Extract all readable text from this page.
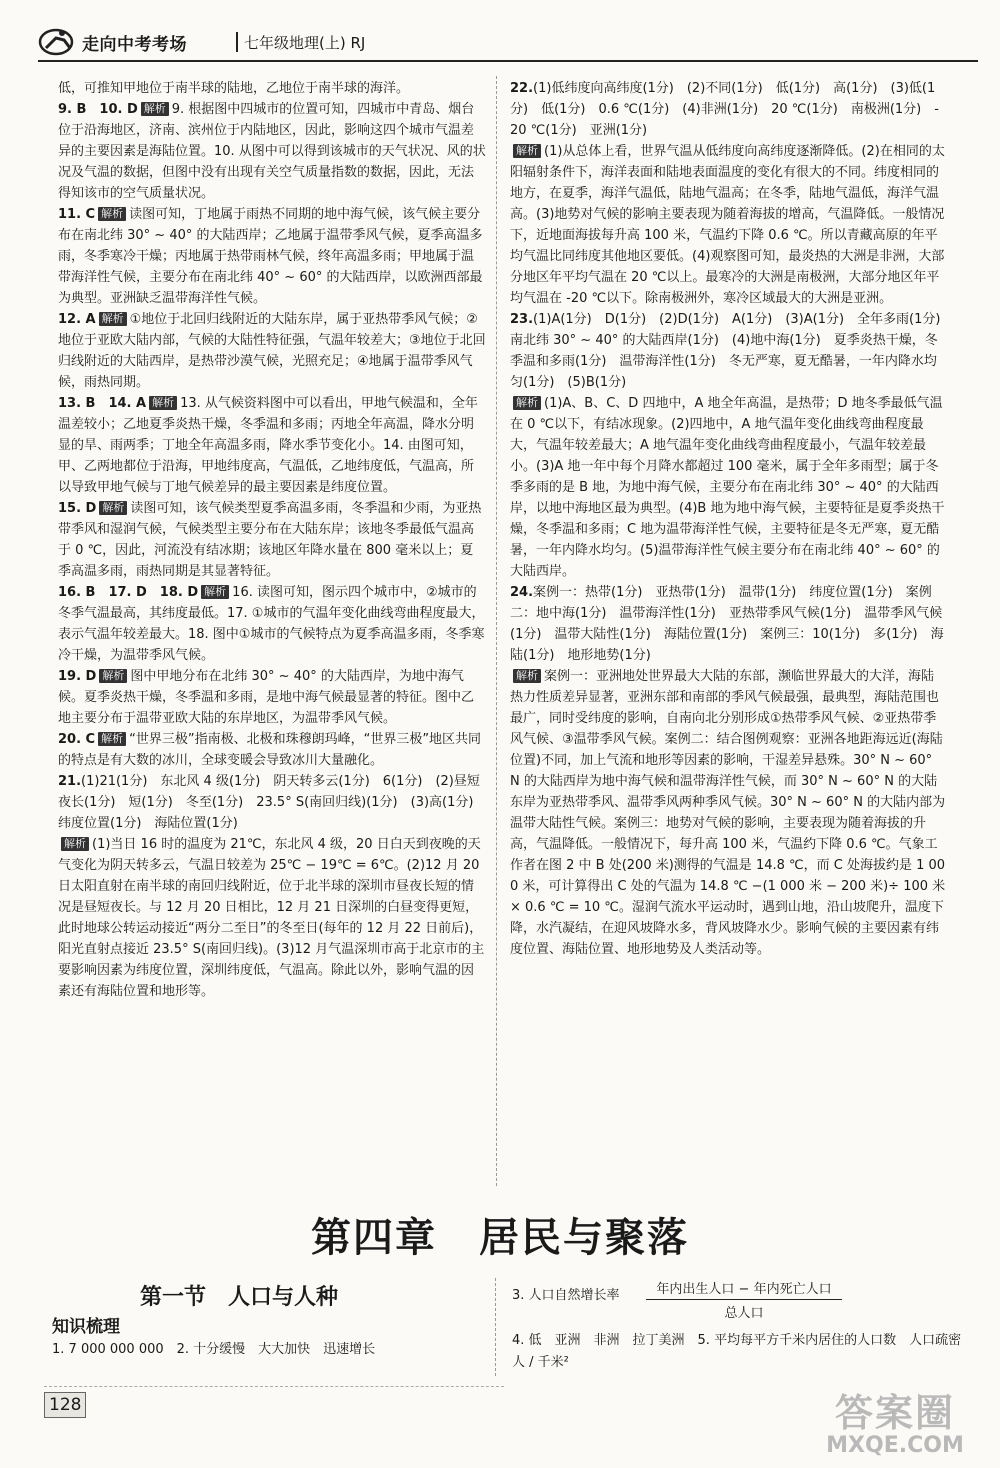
走向中考考场	七年级地理(上) RJ

低，可推知甲地位于南半球的陆地，乙地位于南半球的海洋。

9. B　10. D 解析 9. 根据图中四城市的位置可知，四城市中青岛、烟台位于沿海地区，济南、滨州位于内陆地区，因此，影响这四个城市气温差异的主要因素是海陆位置。10. 从图中可以得到该城市的天气状况、风的状况及气温的数据，但图中没有出现有关空气质量指数的数据，因此，无法得知该市的空气质量状况。

11. C 解析 读图可知，丁地属于雨热不同期的地中海气候，该气候主要分布在南北纬 30° ~ 40° 的大陆西岸；乙地属于温带季风气候，夏季高温多雨，冬季寒冷干燥；丙地属于热带雨林气候，终年高温多雨；甲地属于温带海洋性气候，主要分布在南北纬 40° ~ 60° 的大陆西岸，以欧洲西部最为典型。亚洲缺乏温带海洋性气候。

12. A 解析 ①地位于北回归线附近的大陆东岸，属于亚热带季风气候；②地位于亚欧大陆内部，气候的大陆性特征强，气温年较差大；③地位于北回归线附近的大陆西岸，是热带沙漠气候，光照充足；④地属于温带季风气候，雨热同期。

13. B　14. A 解析 13. 从气候资料图中可以看出，甲地气候温和，全年温差较小；乙地夏季炎热干燥，冬季温和多雨；丙地全年高温，降水分明显的旱、雨两季；丁地全年高温多雨，降水季节变化小。14. 由图可知，甲、乙两地都位于沿海，甲地纬度高，气温低，乙地纬度低，气温高，所以导致甲地气候与丁地气候差异的最主要因素是纬度位置。

15. D 解析 读图可知，该气候类型夏季高温多雨，冬季温和少雨，为亚热带季风和湿润气候，气候类型主要分布在大陆东岸；该地冬季最低气温高于 0 ℃，因此，河流没有结冰期；该地区年降水量在 800 毫米以上；夏季高温多雨，雨热同期是其显著特征。

16. B　17. D　18. D 解析 16. 读图可知，图示四个城市中，②城市的冬季气温最高，其纬度最低。17. ①城市的气温年变化曲线弯曲程度最大，表示气温年较差最大。18. 图中①城市的气候特点为夏季高温多雨，冬季寒冷干燥，为温带季风气候。

19. D 解析 图中甲地分布在北纬 30° ~ 40° 的大陆西岸，为地中海气候。夏季炎热干燥，冬季温和多雨，是地中海气候最显著的特征。图中乙地主要分布于温带亚欧大陆的东岸地区，为温带季风气候。

20. C 解析 “世界三极”指南极、北极和珠穆朗玛峰，“世界三极”地区共同的特点是有大数的冰川，全球变暖会导致冰川大量融化。

21.(1)21(1分)　东北风 4 级(1分)　阴天转多云(1分)　6(1分)　(2)昼短夜长(1分)　短(1分)　冬至(1分)　23.5° S(南回归线)(1分)　(3)高(1分)　纬度位置(1分)　海陆位置(1分)

解析 (1)当日 16 时的温度为 21℃，东北风 4 级，20 日白天到夜晚的天气变化为阴天转多云，气温日较差为 25℃ − 19℃ = 6℃。(2)12 月 20 日太阳直射在南半球的南回归线附近，位于北半球的深圳市昼夜长短的情况是昼短夜长。与 12 月 20 日相比，12 月 21 日深圳的白昼变得更短，此时地球公转运动接近“两分二至日”的冬至日(每年的 12 月 22 日前后)，阳光直射点接近 23.5° S(南回归线)。(3)12 月气温深圳市高于北京市的主要影响因素为纬度位置，深圳纬度低，气温高。除此以外，影响气温的因素还有海陆位置和地形等。

22.(1)低纬度向高纬度(1分)　(2)不同(1分)　低(1分)　高(1分)　(3)低(1分)　低(1分)　0.6 ℃(1分)　(4)非洲(1分)　20 ℃(1分)　南极洲(1分)　-20 ℃(1分)　亚洲(1分)

解析 (1)从总体上看，世界气温从低纬度向高纬度逐渐降低。(2)在相同的太阳辐射条件下，海洋表面和陆地表面温度的变化有很大的不同。纬度相同的地方，在夏季，海洋气温低，陆地气温高；在冬季，陆地气温低，海洋气温高。(3)地势对气候的影响主要表现为随着海拔的增高，气温降低。一般情况下，近地面海拔每升高 100 米，气温约下降 0.6 ℃。所以青藏高原的年平均气温比同纬度其他地区要低。(4)观察图可知，最炎热的大洲是非洲，大部分地区年平均气温在 20 ℃以上。最寒冷的大洲是南极洲，大部分地区年平均气温在 -20 ℃以下。除南极洲外，寒冷区域最大的大洲是亚洲。

23.(1)A(1分)　D(1分)　(2)D(1分)　A(1分)　(3)A(1分)　全年多雨(1分)　南北纬 30° ~ 40° 的大陆西岸(1分)　(4)地中海(1分)　夏季炎热干燥，冬季温和多雨(1分)　温带海洋性(1分)　冬无严寒，夏无酷暑，一年内降水均匀(1分)　(5)B(1分)

解析 (1)A、B、C、D 四地中，A 地全年高温，是热带；D 地冬季最低气温在 0 ℃以下，有结冰现象。(2)四地中，A 地气温年变化曲线弯曲程度最大，气温年较差最大；A 地气温年变化曲线弯曲程度最小，气温年较差最小。(3)A 地一年中每个月降水都超过 100 毫米，属于全年多雨型；属于冬季多雨的是 B 地，为地中海气候，主要分布在南北纬 30° ~ 40° 的大陆西岸，以地中海地区最为典型。(4)B 地为地中海气候，主要特征是夏季炎热干燥，冬季温和多雨；C 地为温带海洋性气候，主要特征是冬无严寒，夏无酷暑，一年内降水均匀。(5)温带海洋性气候主要分布在南北纬 40° ~ 60° 的大陆西岸。

24.案例一：热带(1分)　亚热带(1分)　温带(1分)　纬度位置(1分)　案例二：地中海(1分)　温带海洋性(1分)　亚热带季风气候(1分)　温带季风气候(1分)　温带大陆性(1分)　海陆位置(1分)　案例三：10(1分)　多(1分)　海陆(1分)　地形地势(1分)

解析 案例一：亚洲地处世界最大大陆的东部，濒临世界最大的大洋，海陆热力性质差异显著，亚洲东部和南部的季风气候最强，最典型，海陆范围也最广，同时受纬度的影响，自南向北分别形成①热带季风气候、②亚热带季风气候、③温带季风气候。案例二：结合图例观察：亚洲各地距海远近(海陆位置)不同，加上气流和地形等因素的影响，干湿差异悬殊。30° N ~ 60° N 的大陆西岸为地中海气候和温带海洋性气候，而 30° N ~ 60° N 的大陆东岸为亚热带季风、温带季风两种季风气候。30° N ~ 60° N 的大陆内部为温带大陆性气候。案例三：地势对气候的影响，主要表现为随着海拔的升高，气温降低。一般情况下，每升高 100 米，气温约下降 0.6 ℃。气象工作者在图 2 中 B 处(200 米)测得的气温是 14.8 ℃，而 C 处海拔约是 1 000 米，可计算得出 C 处的气温为 14.8 ℃ −(1 000 米 − 200 米)÷ 100 米 × 0.6 ℃ = 10 ℃。湿润气流水平运动时，遇到山地，沿山坡爬升，温度下降，水汽凝结，在迎风坡降水多，背风坡降水少。影响气候的主要因素有纬度位置、海陆位置、地形地势及人类活动等。

第四章　居民与聚落
第一节　人口与人种
知识梳理
1. 7 000 000 000　2. 十分缓慢　大大加快　迅速增长
3. 人口自然增长率	年内出生人口 − 年内死亡人口
总人口
4. 低　亚洲　非洲　拉丁美洲　5. 平均每平方千米内居住的人口数　人口疏密　人 / 千米²
128	答案圈
MXQE.COM
